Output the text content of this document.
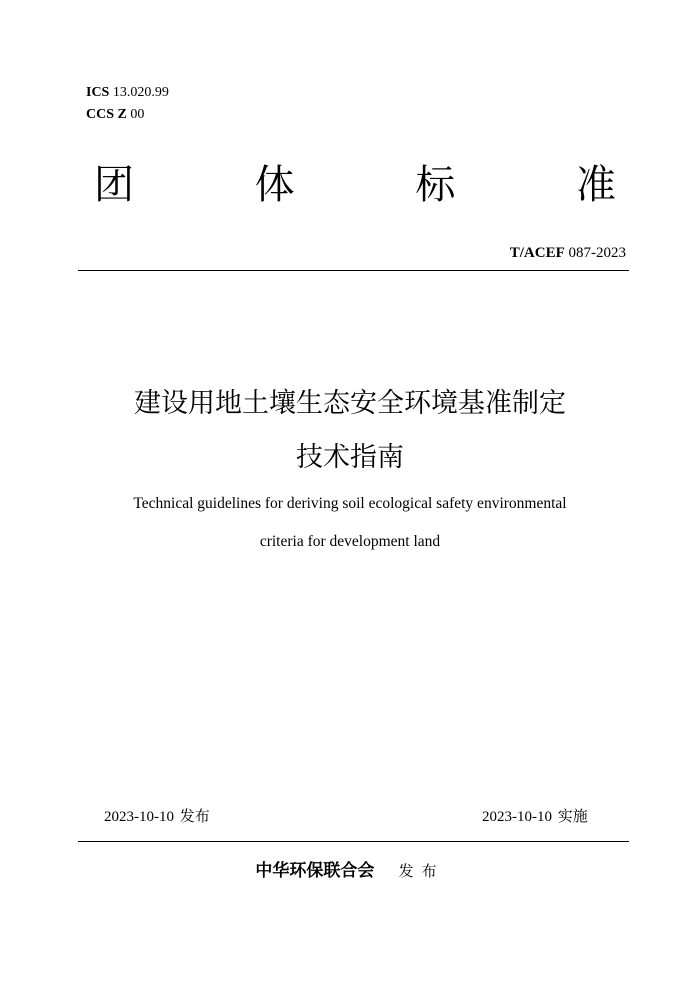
ICS 13.020.99
CCS Z 00
团	体	标	准
T/ACEF 087-2023
建设用地土壤生态安全环境基准制定
技术指南
Technical guidelines for deriving soil ecological safety environmental
criteria for development land
2023-10-10 发布	2023-10-10 实施
中华环保联合会 发布
